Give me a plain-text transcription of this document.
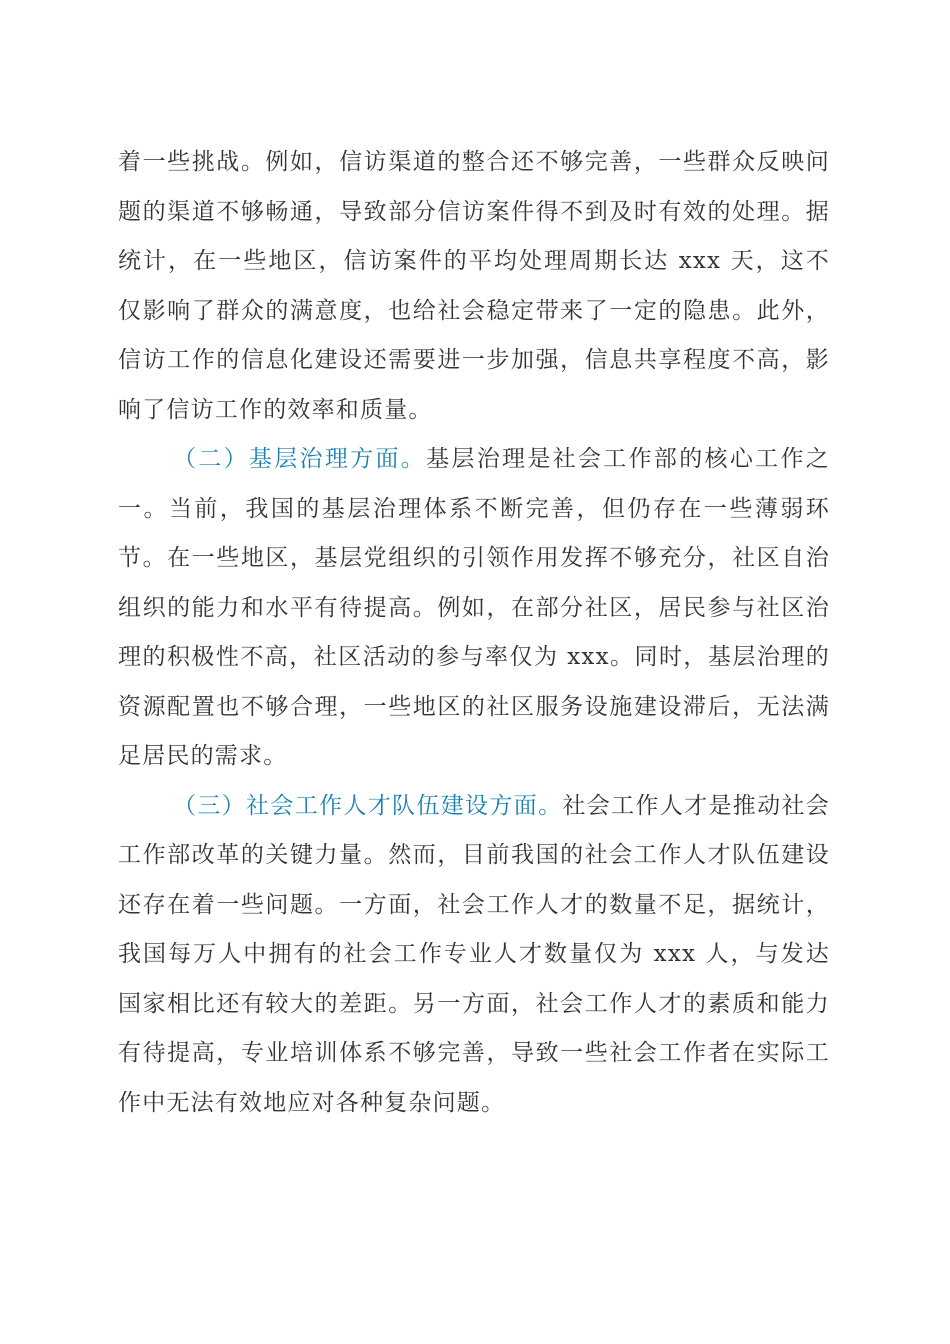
着一些挑战。例如，信访渠道的整合还不够完善，一些群众反映问题的渠道不够畅通，导致部分信访案件得不到及时有效的处理。据统计，在一些地区，信访案件的平均处理周期长达 xxx 天，这不仅影响了群众的满意度，也给社会稳定带来了一定的隐患。此外，信访工作的信息化建设还需要进一步加强，信息共享程度不高，影响了信访工作的效率和质量。

（二）基层治理方面。基层治理是社会工作部的核心工作之一。当前，我国的基层治理体系不断完善，但仍存在一些薄弱环节。在一些地区，基层党组织的引领作用发挥不够充分，社区自治组织的能力和水平有待提高。例如，在部分社区，居民参与社区治理的积极性不高，社区活动的参与率仅为 xxx。同时，基层治理的资源配置也不够合理，一些地区的社区服务设施建设滞后，无法满足居民的需求。

（三）社会工作人才队伍建设方面。社会工作人才是推动社会工作部改革的关键力量。然而，目前我国的社会工作人才队伍建设还存在着一些问题。一方面，社会工作人才的数量不足，据统计，我国每万人中拥有的社会工作专业人才数量仅为 xxx 人，与发达国家相比还有较大的差距。另一方面，社会工作人才的素质和能力有待提高，专业培训体系不够完善，导致一些社会工作者在实际工作中无法有效地应对各种复杂问题。
